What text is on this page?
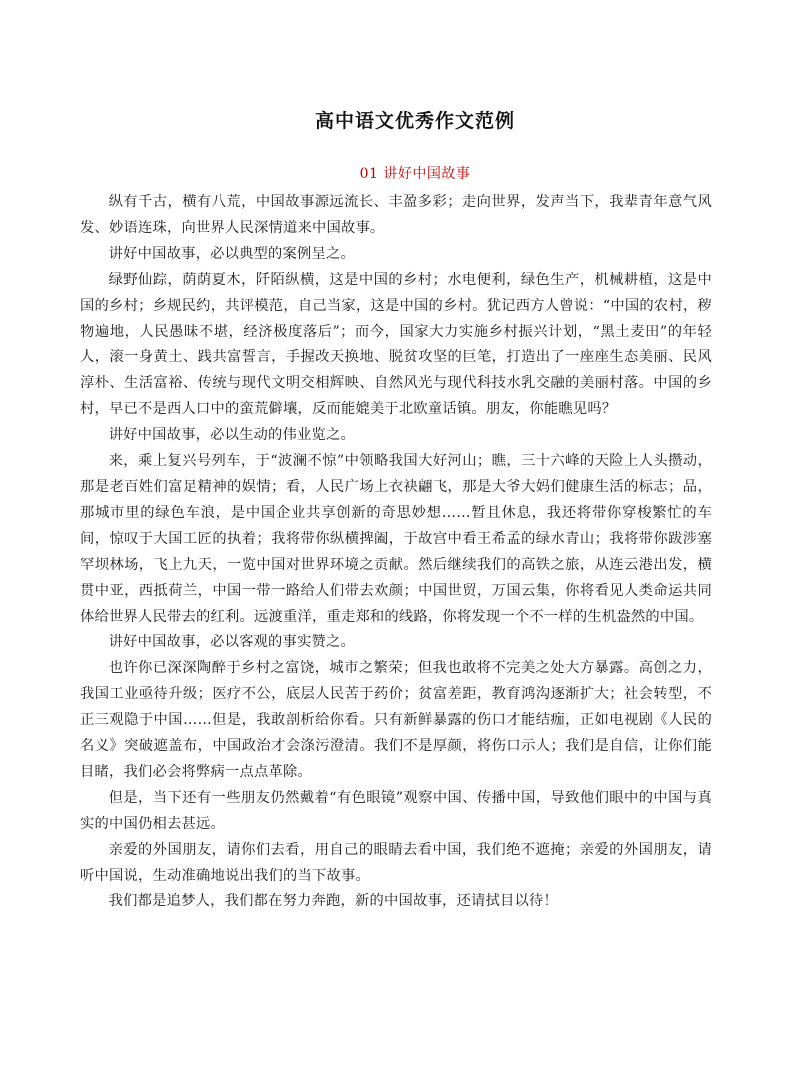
高中语文优秀作文范例
01 讲好中国故事

纵有千古，横有八荒，中国故事源远流长、丰盈多彩；走向世界，发声当下，我辈青年意气风发、妙语连珠，向世界人民深情道来中国故事。

讲好中国故事，必以典型的案例呈之。

绿野仙踪，荫荫夏木，阡陌纵横，这是中国的乡村；水电便利，绿色生产，机械耕植，这是中国的乡村；乡规民约，共评模范，自己当家，这是中国的乡村。犹记西方人曾说：“中国的农村，秽物遍地，人民愚昧不堪，经济极度落后”；而今，国家大力实施乡村振兴计划，“黑土麦田”的年轻人，滚一身黄土、践共富誓言，手握改天换地、脱贫攻坚的巨笔，打造出了一座座生态美丽、民风淳朴、生活富裕、传统与现代文明交相辉映、自然风光与现代科技水乳交融的美丽村落。中国的乡村，早已不是西人口中的蛮荒僻壤，反而能媲美于北欧童话镇。朋友，你能瞧见吗？

讲好中国故事，必以生动的伟业览之。

来，乘上复兴号列车，于“波澜不惊”中领略我国大好河山；瞧，三十六峰的天险上人头攒动，那是老百姓们富足精神的娱情；看，人民广场上衣袂翩飞，那是大爷大妈们健康生活的标志；品，那城市里的绿色车浪，是中国企业共享创新的奇思妙想……暂且休息，我还将带你穿梭繁忙的车间，惊叹于大国工匠的执着；我将带你纵横捭阖，于故宫中看王希孟的绿水青山；我将带你跋涉塞罕坝林场，飞上九天，一览中国对世界环境之贡献。然后继续我们的高铁之旅，从连云港出发，横贯中亚，西抵荷兰，中国一带一路给人们带去欢颜；中国世贸，万国云集，你将看见人类命运共同体给世界人民带去的红利。远渡重洋，重走郑和的线路，你将发现一个不一样的生机盎然的中国。

讲好中国故事，必以客观的事实赞之。

也许你已深深陶醉于乡村之富饶，城市之繁荣；但我也敢将不完美之处大方暴露。高创之力，我国工业亟待升级；医疗不公，底层人民苦于药价；贫富差距，教育鸿沟逐渐扩大；社会转型，不正三观隐于中国……但是，我敢剖析给你看。只有新鲜暴露的伤口才能结痂，正如电视剧《人民的名义》突破遮盖布，中国政治才会涤污澄清。我们不是厚颜，将伤口示人；我们是自信，让你们能目睹，我们必会将弊病一点点革除。

但是，当下还有一些朋友仍然戴着“有色眼镜”观察中国、传播中国，导致他们眼中的中国与真实的中国仍相去甚远。

亲爱的外国朋友，请你们去看，用自己的眼睛去看中国，我们绝不遮掩；亲爱的外国朋友，请听中国说，生动准确地说出我们的当下故事。

我们都是追梦人，我们都在努力奔跑，新的中国故事，还请拭目以待！
